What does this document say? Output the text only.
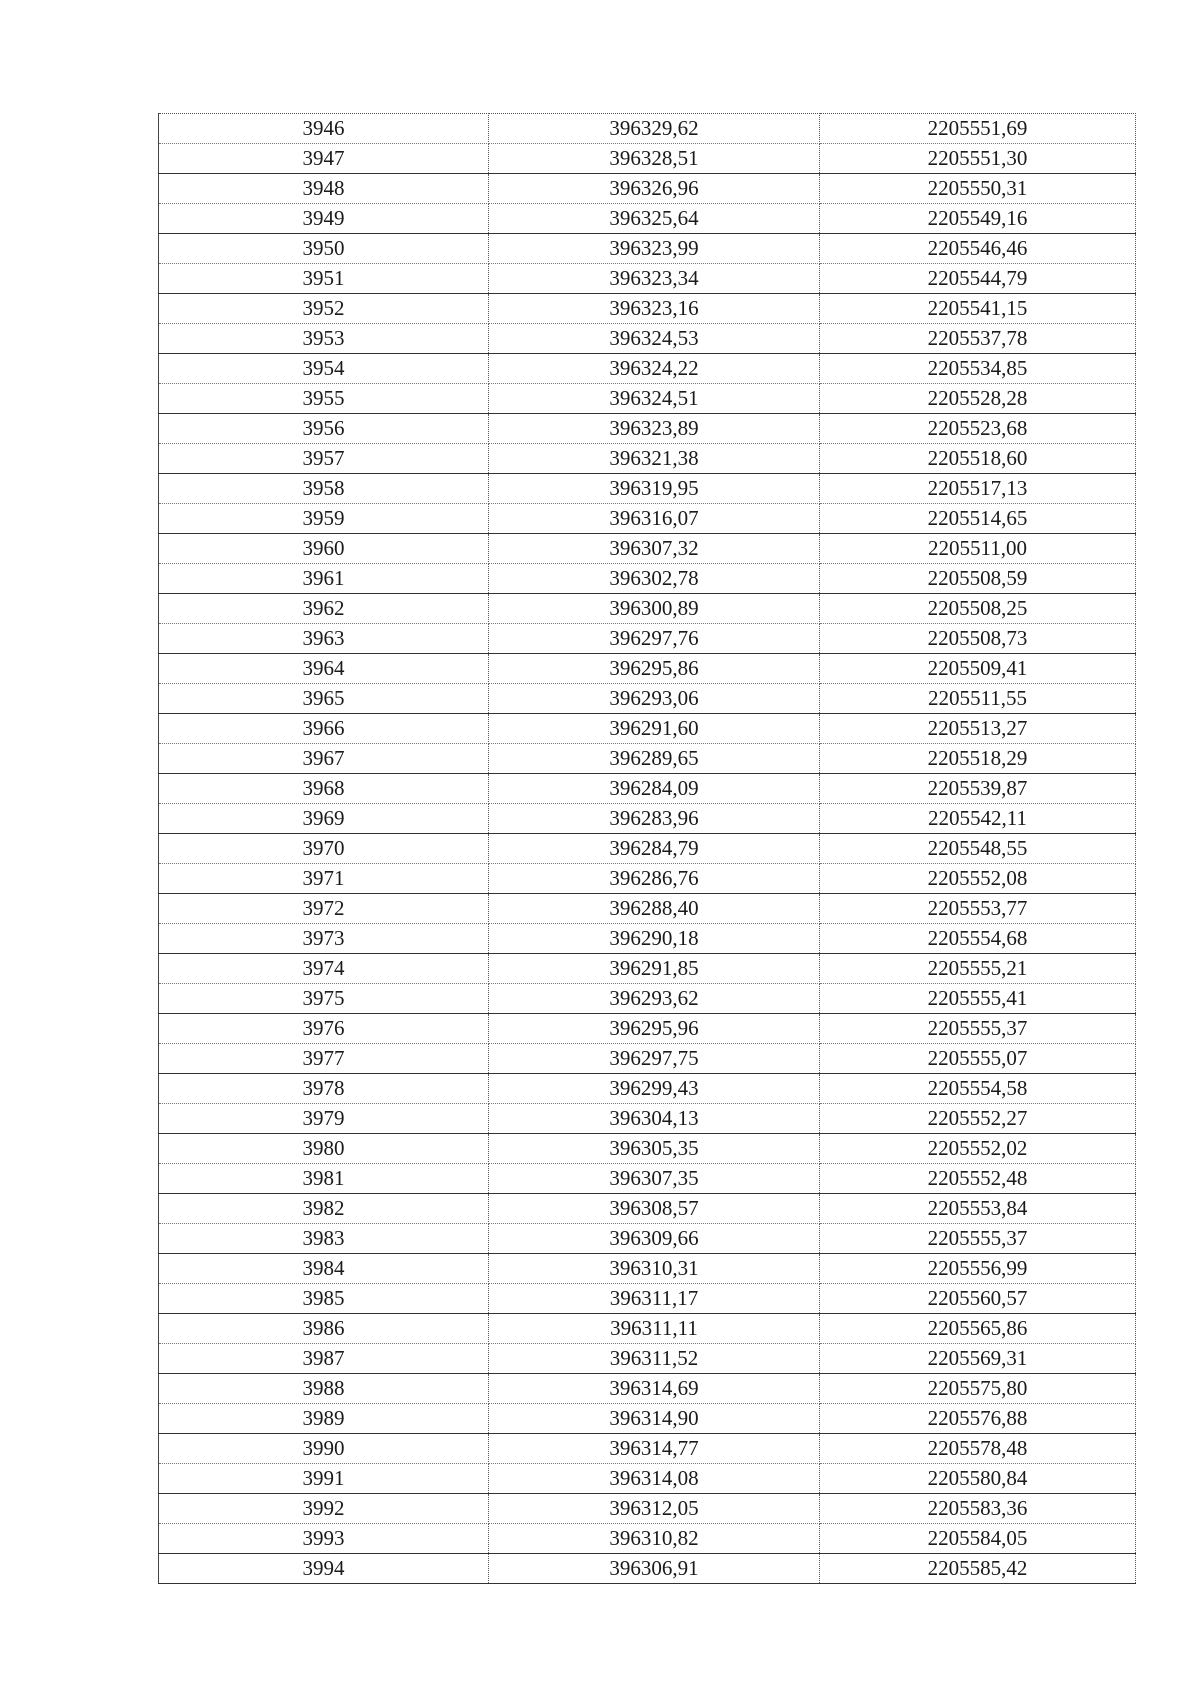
3946	396329,62	2205551,69
3947	396328,51	2205551,30
3948	396326,96	2205550,31
3949	396325,64	2205549,16
3950	396323,99	2205546,46
3951	396323,34	2205544,79
3952	396323,16	2205541,15
3953	396324,53	2205537,78
3954	396324,22	2205534,85
3955	396324,51	2205528,28
3956	396323,89	2205523,68
3957	396321,38	2205518,60
3958	396319,95	2205517,13
3959	396316,07	2205514,65
3960	396307,32	2205511,00
3961	396302,78	2205508,59
3962	396300,89	2205508,25
3963	396297,76	2205508,73
3964	396295,86	2205509,41
3965	396293,06	2205511,55
3966	396291,60	2205513,27
3967	396289,65	2205518,29
3968	396284,09	2205539,87
3969	396283,96	2205542,11
3970	396284,79	2205548,55
3971	396286,76	2205552,08
3972	396288,40	2205553,77
3973	396290,18	2205554,68
3974	396291,85	2205555,21
3975	396293,62	2205555,41
3976	396295,96	2205555,37
3977	396297,75	2205555,07
3978	396299,43	2205554,58
3979	396304,13	2205552,27
3980	396305,35	2205552,02
3981	396307,35	2205552,48
3982	396308,57	2205553,84
3983	396309,66	2205555,37
3984	396310,31	2205556,99
3985	396311,17	2205560,57
3986	396311,11	2205565,86
3987	396311,52	2205569,31
3988	396314,69	2205575,80
3989	396314,90	2205576,88
3990	396314,77	2205578,48
3991	396314,08	2205580,84
3992	396312,05	2205583,36
3993	396310,82	2205584,05
3994	396306,91	2205585,42
